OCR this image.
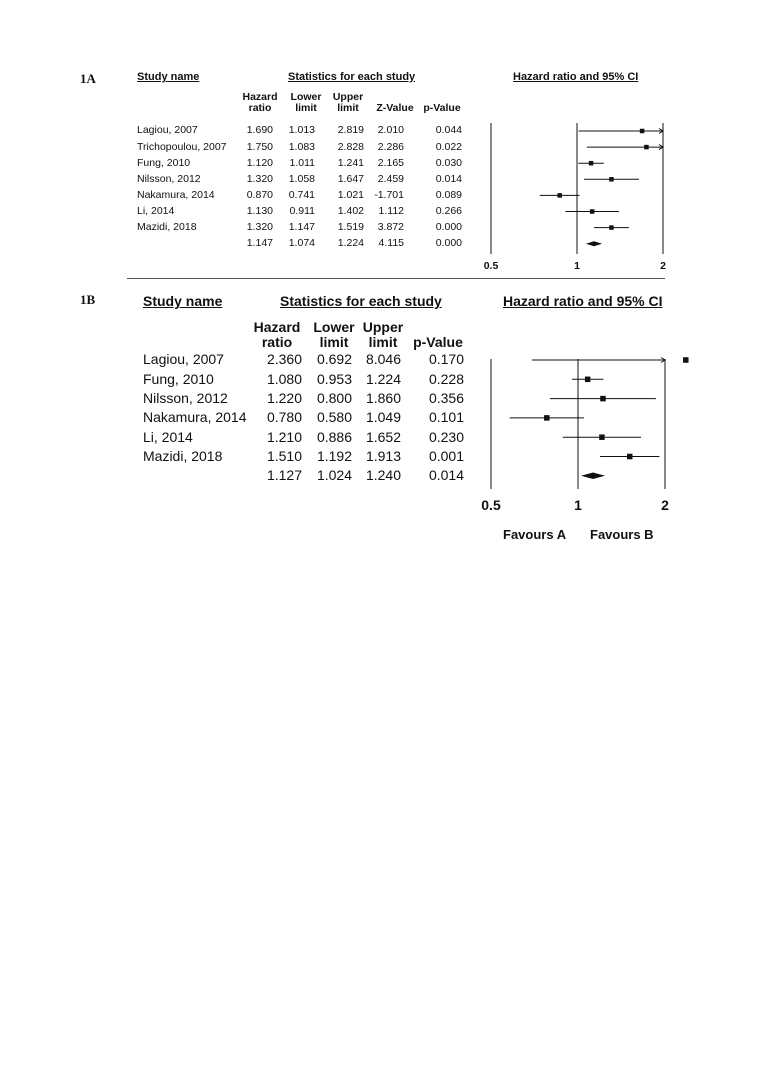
1A	Study name	Statistics for each study	Hazard ratio and 95% CI
Hazard
ratio
Lower
limit
Upper
limit	Z-Value p-Value
Lagiou, 2007	1.690 1.013 2.819 2.010	0.044
Trichopoulou, 2007 1.750 1.083 2.828 2.286	0.022
Fung, 2010	1.120 1.011 1.241 2.165	0.030
Nilsson, 2012	1.320 1.058 1.647 2.459	0.014
Nakamura, 2014	0.870 0.741 1.021 -1.701	0.089
Li, 2014	1.130 0.911 1.402 1.112	0.266
Mazidi, 2018	1.320 1.147 1.519 3.872	0.000
1.147 1.074 1.224 4.115	0.000
0.5	1	2
1B	Study name	Statistics for each study	Hazard ratio and 95% CI
Hazard
ratio
Lower
limit
Upper
limit	p-Value
Lagiou, 2007	2.360 0.692 8.046 0.170
Fung, 2010	1.080 0.953 1.224 0.228
Nilsson, 2012	1.220 0.800 1.860 0.356
Nakamura, 2014 0.780 0.580 1.049 0.101
Li, 2014	1.210 0.886 1.652 0.230
Mazidi, 2018	1.510 1.192 1.913 0.001
1.127 1.024 1.240 0.014
0.5	1	2
Favours A Favours B
